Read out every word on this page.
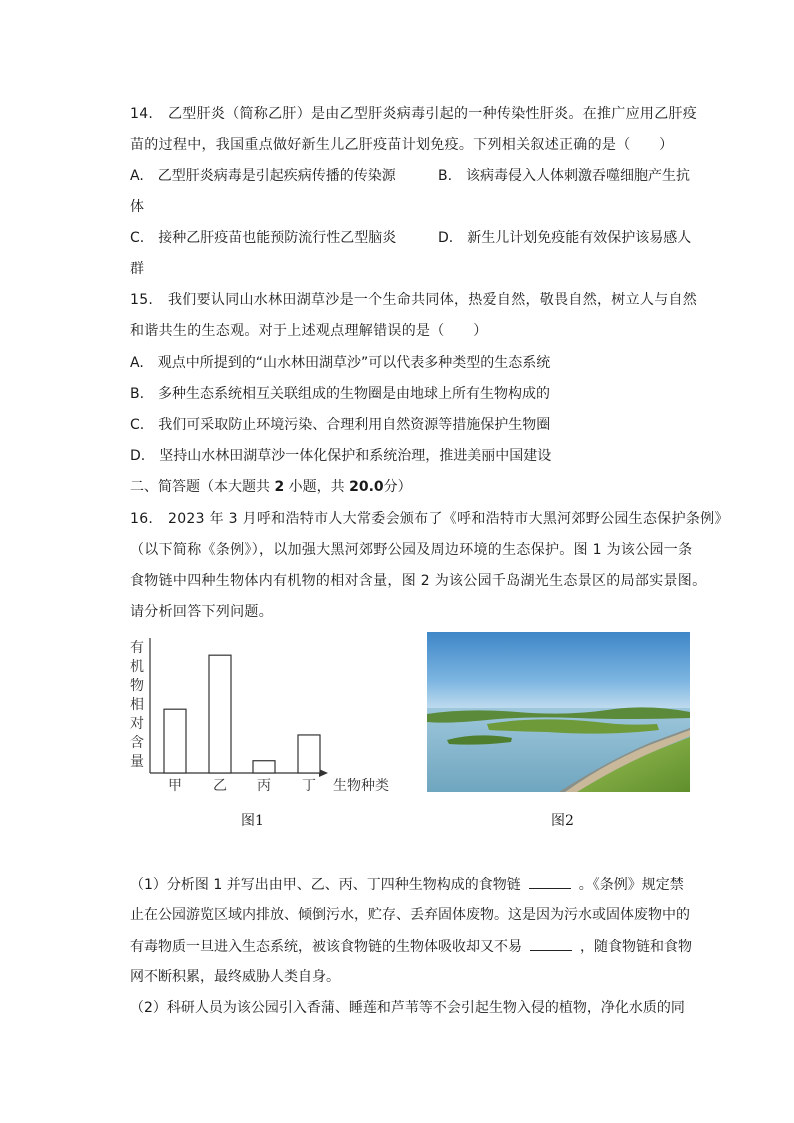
14. 乙型肝炎（简称乙肝）是由乙型肝炎病毒引起的一种传染性肝炎。在推广应用乙肝疫
苗的过程中，我国重点做好新生儿乙肝疫苗计划免疫。下列相关叙述正确的是（　　）
A.　乙型肝炎病毒是引起疾病传播的传染源	B.　该病毒侵入人体刺激吞噬细胞产生抗
体
C.　接种乙肝疫苗也能预防流行性乙型脑炎	D.　新生儿计划免疫能有效保护该易感人
群
15. 我们要认同山水林田湖草沙是一个生命共同体，热爱自然，敬畏自然，树立人与自然
和谐共生的生态观。对于上述观点理解错误的是（　　）
A.　观点中所提到的“山水林田湖草沙”可以代表多种类型的生态系统
B.　多种生态系统相互关联组成的生物圈是由地球上所有生物构成的
C.　我们可采取防止环境污染、合理利用自然资源等措施保护生物圈
D.　坚持山水林田湖草沙一体化保护和系统治理，推进美丽中国建设
二、简答题（本大题共 2 小题，共 20.0分）
16. 2023 年 3 月呼和浩特市人大常委会颁布了《呼和浩特市大黑河郊野公园生态保护条例》
（以下简称《条例》），以加强大黑河郊野公园及周边环境的生态保护。图 1 为该公园一条
食物链中四种生物体内有机物的相对含量，图 2 为该公园千岛湖光生态景区的局部实景图。
请分析回答下列问题。
有机物相对含量
甲 乙 丙 丁 生物种类
图1	图2
（1）分析图 1 并写出由甲、乙、丙、丁四种生物构成的食物链	。《条例》规定禁
止在公园游览区域内排放、倾倒污水，贮存、丢弃固体废物。这是因为污水或固体废物中的
有毒物质一旦进入生态系统，被该食物链的生物体吸收却又不易	，随食物链和食物
网不断积累，最终威胁人类自身。
（2）科研人员为该公园引入香蒲、睡莲和芦苇等不会引起生物入侵的植物，净化水质的同
